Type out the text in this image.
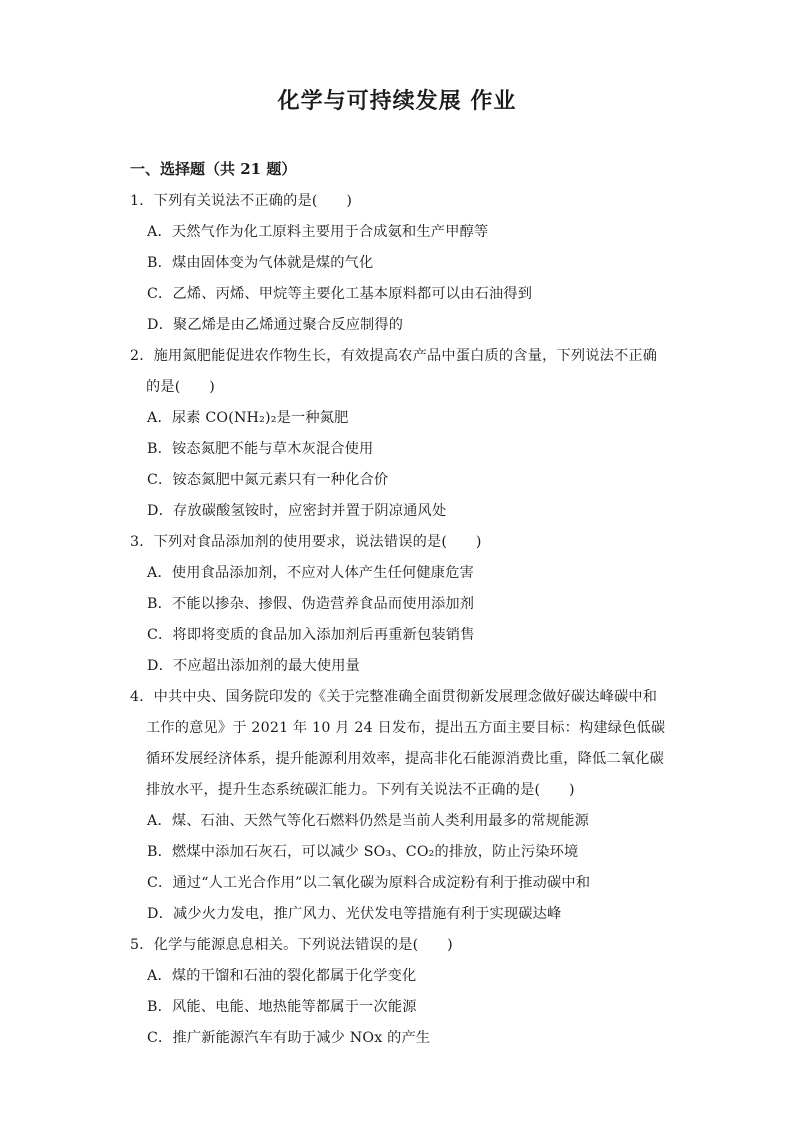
化学与可持续发展 作业
一、选择题（共 21 题）
1．下列有关说法不正确的是(　　)
A．天然气作为化工原料主要用于合成氨和生产甲醇等
B．煤由固体变为气体就是煤的气化
C．乙烯、丙烯、甲烷等主要化工基本原料都可以由石油得到
D．聚乙烯是由乙烯通过聚合反应制得的
2．施用氮肥能促进农作物生长，有效提高农产品中蛋白质的含量，下列说法不正确的是(　　)
A．尿素 CO(NH₂)₂是一种氮肥
B．铵态氮肥不能与草木灰混合使用
C．铵态氮肥中氮元素只有一种化合价
D．存放碳酸氢铵时，应密封并置于阴凉通风处
3．下列对食品添加剂的使用要求，说法错误的是(　　)
A．使用食品添加剂，不应对人体产生任何健康危害
B．不能以掺杂、掺假、伪造营养食品而使用添加剂
C．将即将变质的食品加入添加剂后再重新包装销售
D．不应超出添加剂的最大使用量
4．中共中央、国务院印发的《关于完整准确全面贯彻新发展理念做好碳达峰碳中和工作的意见》于 2021 年 10 月 24 日发布，提出五方面主要目标：构建绿色低碳循环发展经济体系，提升能源利用效率，提高非化石能源消费比重，降低二氧化碳排放水平，提升生态系统碳汇能力。下列有关说法不正确的是(　　)
A．煤、石油、天然气等化石燃料仍然是当前人类利用最多的常规能源
B．燃煤中添加石灰石，可以减少 SO₃、CO₂的排放，防止污染环境
C．通过“人工光合作用”以二氧化碳为原料合成淀粉有利于推动碳中和
D．减少火力发电，推广风力、光伏发电等措施有利于实现碳达峰
5．化学与能源息息相关。下列说法错误的是(　　)
A．煤的干馏和石油的裂化都属于化学变化
B．风能、电能、地热能等都属于一次能源
C．推广新能源汽车有助于减少 NOx 的产生
